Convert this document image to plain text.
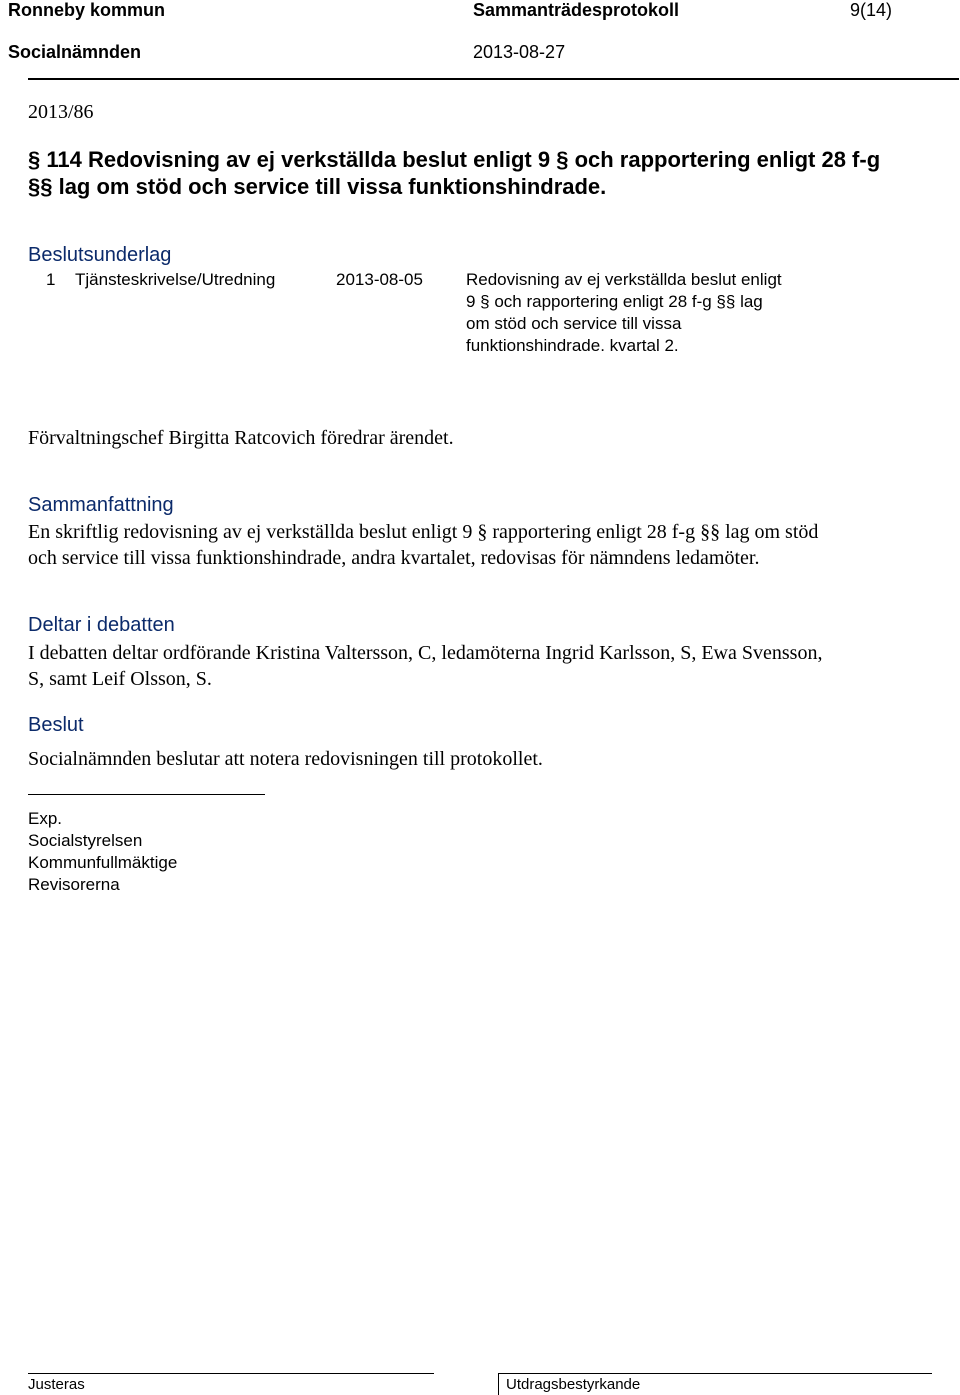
Ronneby kommun	Sammanträdesprotokoll	9(14)
Socialnämnden	2013-08-27
2013/86
§ 114 Redovisning av ej verkställda beslut enligt 9 § och rapportering enligt 28 f-g
§§ lag om stöd och service till vissa funktionshindrade.
Beslutsunderlag
1 Tjänsteskrivelse/Utredning	2013-08-05	Redovisning av ej verkställda beslut enligt
9 § och rapportering enligt 28 f-g §§ lag
om stöd och service till vissa
funktionshindrade. kvartal 2.
Förvaltningschef Birgitta Ratcovich föredrar ärendet.
Sammanfattning
En skriftlig redovisning av ej verkställda beslut enligt 9 § rapportering enligt 28 f-g §§ lag om stöd
och service till vissa funktionshindrade, andra kvartalet, redovisas för nämndens ledamöter.
Deltar i debatten
I debatten deltar ordförande Kristina Valtersson, C, ledamöterna Ingrid Karlsson, S, Ewa Svensson,
S, samt Leif Olsson, S.
Beslut
Socialnämnden beslutar att notera redovisningen till protokollet.
Exp.
Socialstyrelsen
Kommunfullmäktige
Revisorerna
Justeras	Utdragsbestyrkande
